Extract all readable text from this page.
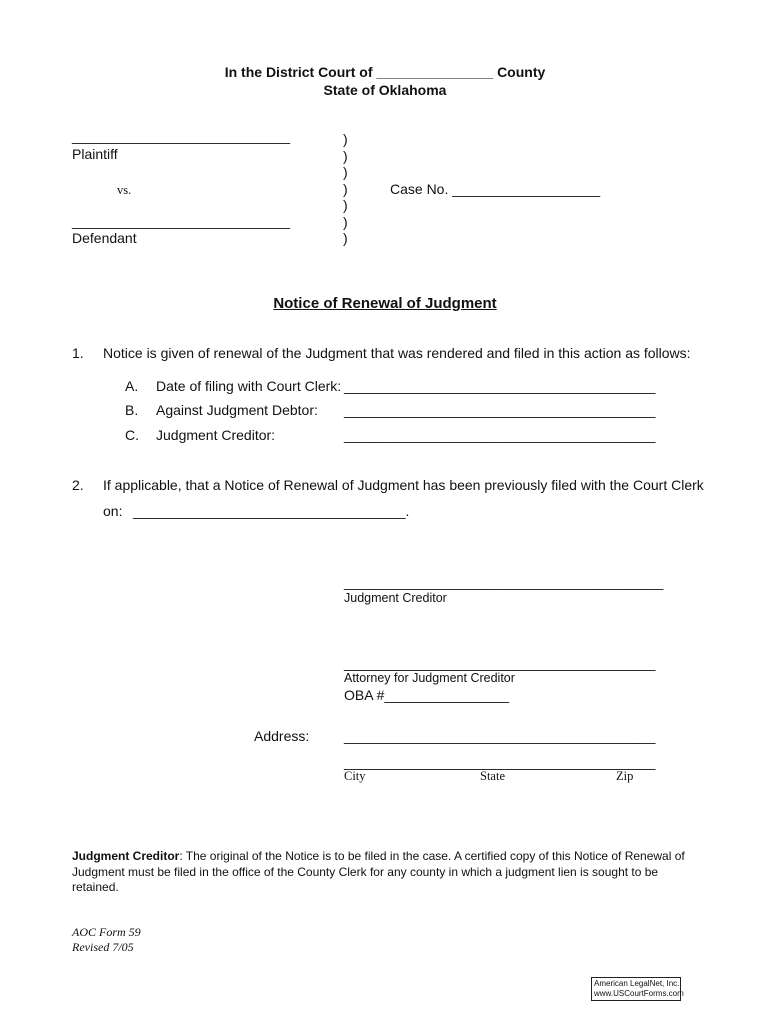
In the District Court of _______________ County
State of Oklahoma
____________________________
Plaintiff
vs.
____________________________
Defendant
)
)
)
)
)
)
)
Case No. ___________________
Notice of Renewal of Judgment
1. Notice is given of renewal of the Judgment that was rendered and filed in this action as follows:
A. Date of filing with Court Clerk: ________________________________________
B. Against Judgment Debtor: ________________________________________
C. Judgment Creditor:	________________________________________
2. If applicable, that a Notice of Renewal of Judgment has been previously filed with the Court Clerk
on: ___________________________________.
_________________________________________
Judgment Creditor
________________________________________
Attorney for Judgment Creditor
OBA #________________
Address: ________________________________________
________________________________________
City	State	Zip
Judgment Creditor: The original of the Notice is to be filed in the case. A certified copy of this Notice of Renewal of Judgment must be filed in the office of the County Clerk for any county in which a judgment lien is sought to be retained.
AOC Form 59
Revised 7/05
American LegalNet, Inc.
www.USCourtForms.com
